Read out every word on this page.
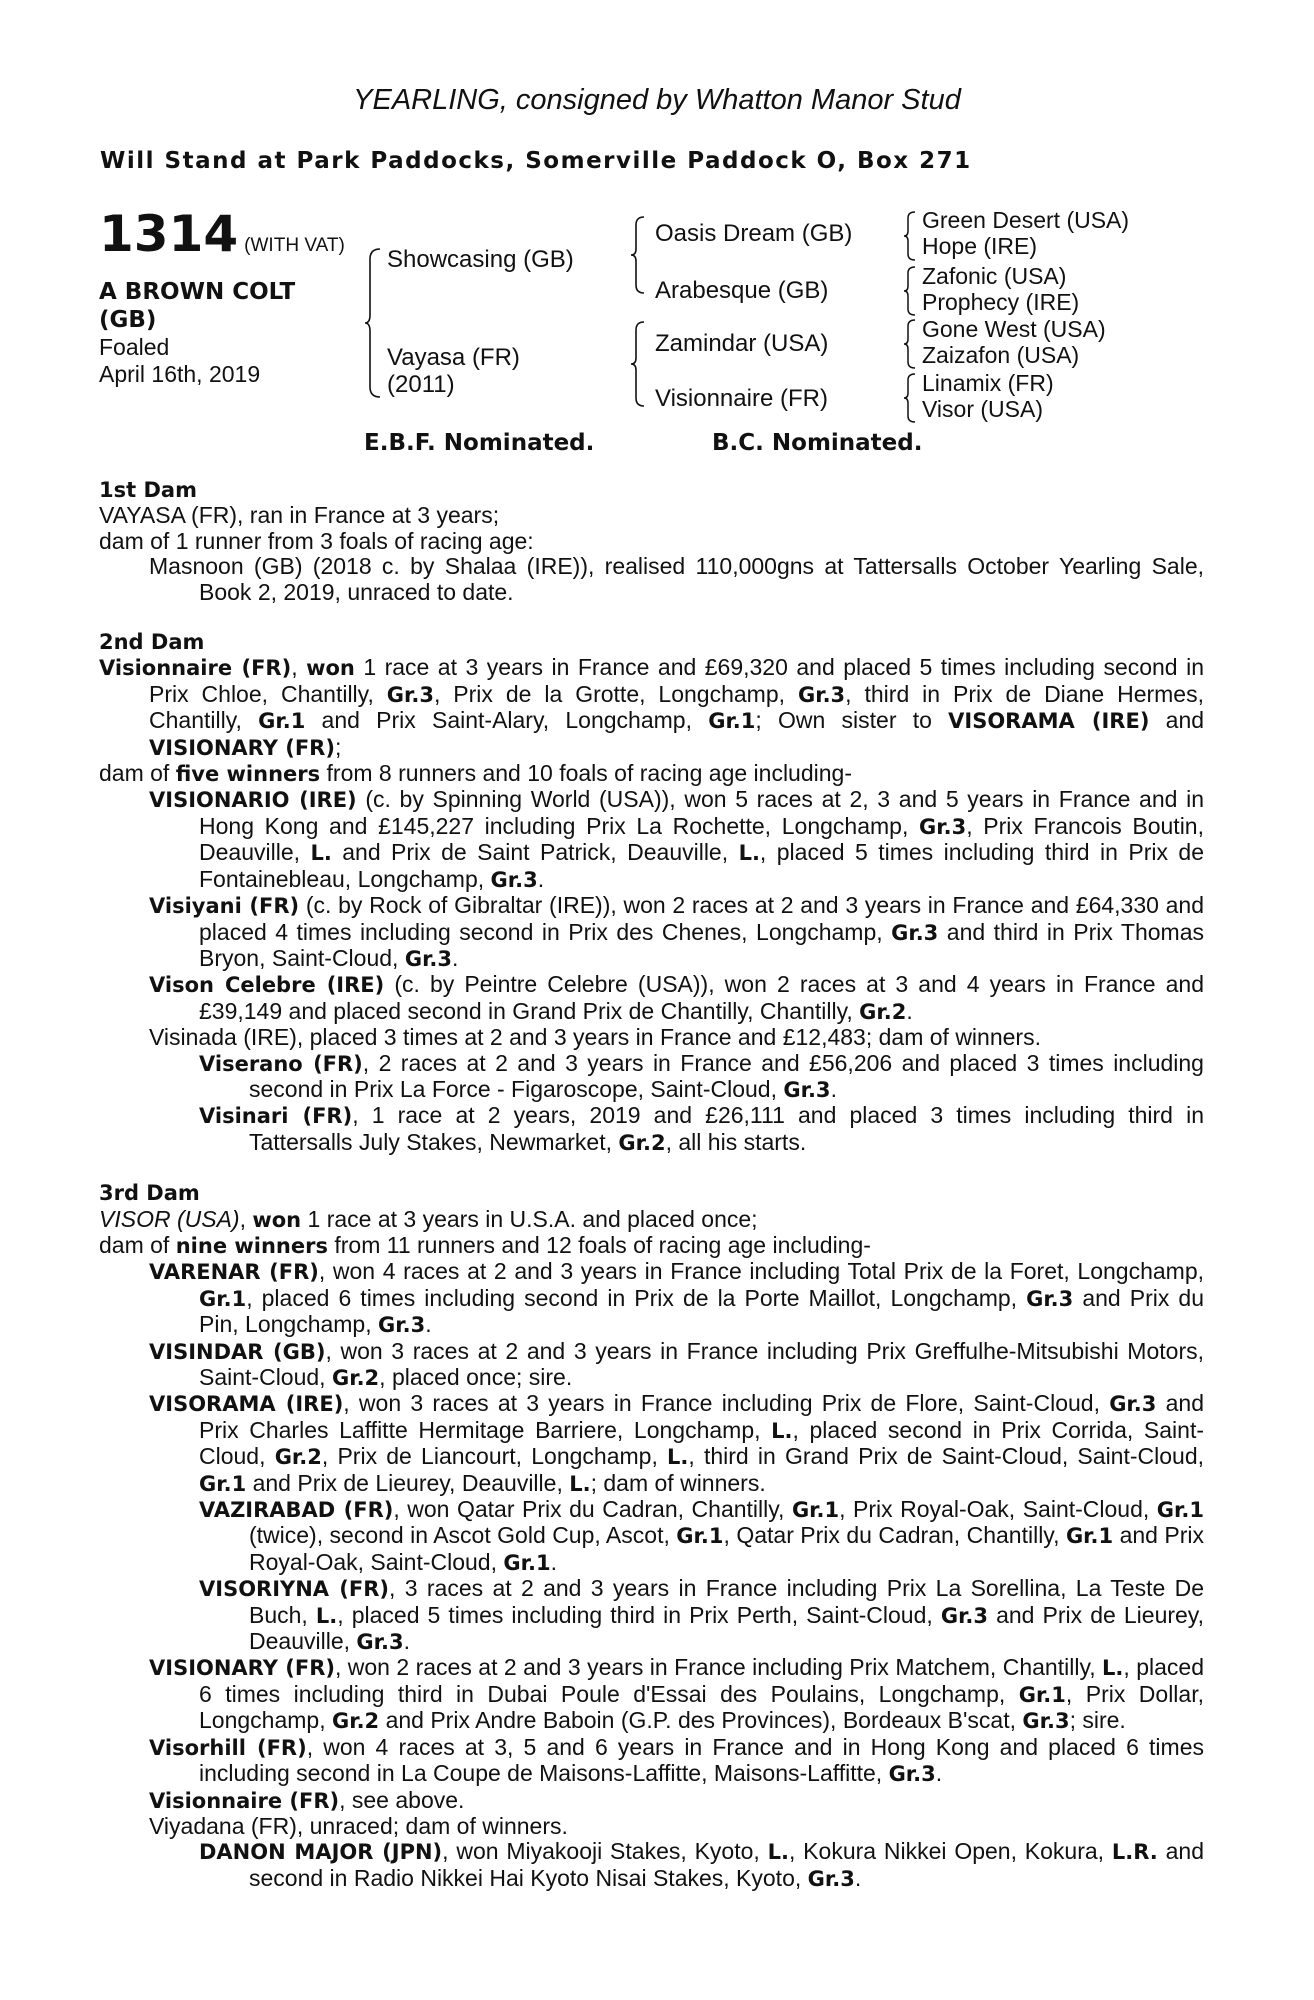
YEARLING, consigned by Whatton Manor Stud
Will Stand at Park Paddocks, Somerville Paddock O, Box 271
1314 (WITH VAT)
A BROWN COLT
(GB)
Foaled
April 16th, 2019
Showcasing (GB)
Vayasa (FR)
(2011)
Oasis Dream (GB)
Arabesque (GB)
Zamindar (USA)
Visionnaire (FR)
Green Desert (USA)
Hope (IRE)
Zafonic (USA)
Prophecy (IRE)
Gone West (USA)
Zaizafon (USA)
Linamix (FR)
Visor (USA)
E.B.F. Nominated.	B.C. Nominated.

1st Dam

VAYASA (FR), ran in France at 3 years;

dam of 1 runner from 3 foals of racing age:

Masnoon (GB) (2018 c. by Shalaa (IRE)), realised 110,000gns at Tattersalls October Yearling Sale, Book 2, 2019, unraced to date.

2nd Dam

Visionnaire (FR), won 1 race at 3 years in France and £69,320 and placed 5 times including second in Prix Chloe, Chantilly, Gr.3, Prix de la Grotte, Longchamp, Gr.3, third in Prix de Diane Hermes, Chantilly, Gr.1 and Prix Saint-Alary, Longchamp, Gr.1; Own sister to VISORAMA (IRE) and VISIONARY (FR);

dam of five winners from 8 runners and 10 foals of racing age including-

VISIONARIO (IRE) (c. by Spinning World (USA)), won 5 races at 2, 3 and 5 years in France and in Hong Kong and £145,227 including Prix La Rochette, Longchamp, Gr.3, Prix Francois Boutin, Deauville, L. and Prix de Saint Patrick, Deauville, L., placed 5 times including third in Prix de Fontainebleau, Longchamp, Gr.3.

Visiyani (FR) (c. by Rock of Gibraltar (IRE)), won 2 races at 2 and 3 years in France and £64,330 and placed 4 times including second in Prix des Chenes, Longchamp, Gr.3 and third in Prix Thomas Bryon, Saint-Cloud, Gr.3.

Vison Celebre (IRE) (c. by Peintre Celebre (USA)), won 2 races at 3 and 4 years in France and £39,149 and placed second in Grand Prix de Chantilly, Chantilly, Gr.2.

Visinada (IRE), placed 3 times at 2 and 3 years in France and £12,483; dam of winners.

Viserano (FR), 2 races at 2 and 3 years in France and £56,206 and placed 3 times including second in Prix La Force - Figaroscope, Saint-Cloud, Gr.3.

Visinari (FR), 1 race at 2 years, 2019 and £26,111 and placed 3 times including third in Tattersalls July Stakes, Newmarket, Gr.2, all his starts.

3rd Dam

VISOR (USA), won 1 race at 3 years in U.S.A. and placed once;

dam of nine winners from 11 runners and 12 foals of racing age including-

VARENAR (FR), won 4 races at 2 and 3 years in France including Total Prix de la Foret, Longchamp, Gr.1, placed 6 times including second in Prix de la Porte Maillot, Longchamp, Gr.3 and Prix du Pin, Longchamp, Gr.3.

VISINDAR (GB), won 3 races at 2 and 3 years in France including Prix Greffulhe-Mitsubishi Motors, Saint-Cloud, Gr.2, placed once; sire.

VISORAMA (IRE), won 3 races at 3 years in France including Prix de Flore, Saint-Cloud, Gr.3 and Prix Charles Laffitte Hermitage Barriere, Longchamp, L., placed second in Prix Corrida, Saint-Cloud, Gr.2, Prix de Liancourt, Longchamp, L., third in Grand Prix de Saint-Cloud, Saint-Cloud, Gr.1 and Prix de Lieurey, Deauville, L.; dam of winners.

VAZIRABAD (FR), won Qatar Prix du Cadran, Chantilly, Gr.1, Prix Royal-Oak, Saint-Cloud, Gr.1 (twice), second in Ascot Gold Cup, Ascot, Gr.1, Qatar Prix du Cadran, Chantilly, Gr.1 and Prix Royal-Oak, Saint-Cloud, Gr.1.

VISORIYNA (FR), 3 races at 2 and 3 years in France including Prix La Sorellina, La Teste De Buch, L., placed 5 times including third in Prix Perth, Saint-Cloud, Gr.3 and Prix de Lieurey, Deauville, Gr.3.

VISIONARY (FR), won 2 races at 2 and 3 years in France including Prix Matchem, Chantilly, L., placed 6 times including third in Dubai Poule d'Essai des Poulains, Longchamp, Gr.1, Prix Dollar, Longchamp, Gr.2 and Prix Andre Baboin (G.P. des Provinces), Bordeaux B'scat, Gr.3; sire.

Visorhill (FR), won 4 races at 3, 5 and 6 years in France and in Hong Kong and placed 6 times including second in La Coupe de Maisons-Laffitte, Maisons-Laffitte, Gr.3.

Visionnaire (FR), see above.

Viyadana (FR), unraced; dam of winners.

DANON MAJOR (JPN), won Miyakooji Stakes, Kyoto, L., Kokura Nikkei Open, Kokura, L.R. and second in Radio Nikkei Hai Kyoto Nisai Stakes, Kyoto, Gr.3.
